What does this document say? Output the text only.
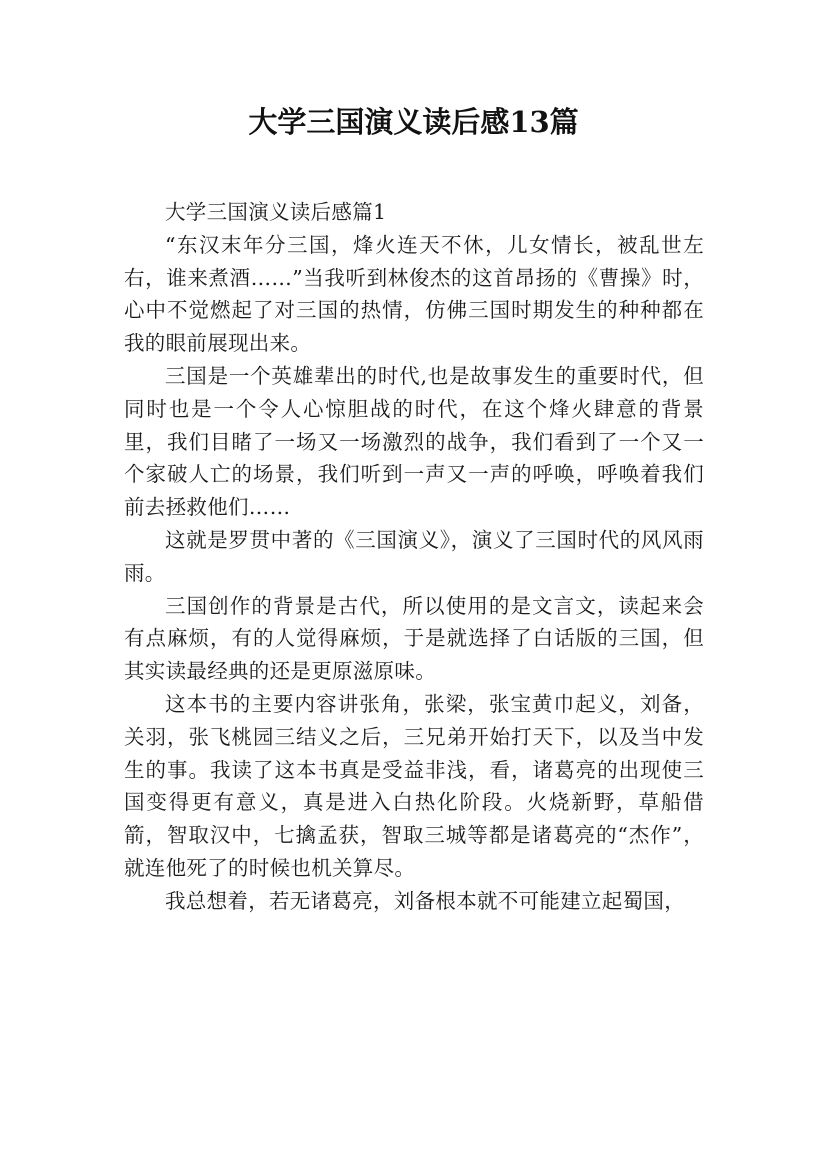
大学三国演义读后感13篇

大学三国演义读后感篇1

“东汉末年分三国，烽火连天不休，儿女情长，被乱世左右，谁来煮酒……”当我听到林俊杰的这首昂扬的《曹操》时，心中不觉燃起了对三国的热情，仿佛三国时期发生的种种都在我的眼前展现出来。

三国是一个英雄辈出的时代,也是故事发生的重要时代，但同时也是一个令人心惊胆战的时代，在这个烽火肆意的背景里，我们目睹了一场又一场激烈的战争，我们看到了一个又一个家破人亡的场景，我们听到一声又一声的呼唤，呼唤着我们前去拯救他们……

这就是罗贯中著的《三国演义》，演义了三国时代的风风雨雨。

三国创作的背景是古代，所以使用的是文言文，读起来会有点麻烦，有的人觉得麻烦，于是就选择了白话版的三国，但其实读最经典的还是更原滋原味。

这本书的主要内容讲张角，张梁，张宝黄巾起义，刘备，关羽，张飞桃园三结义之后，三兄弟开始打天下，以及当中发生的事。我读了这本书真是受益非浅，看，诸葛亮的出现使三国变得更有意义，真是进入白热化阶段。火烧新野，草船借箭，智取汉中，七擒孟获，智取三城等都是诸葛亮的“杰作”，就连他死了的时候也机关算尽。

我总想着，若无诸葛亮，刘备根本就不可能建立起蜀国，
